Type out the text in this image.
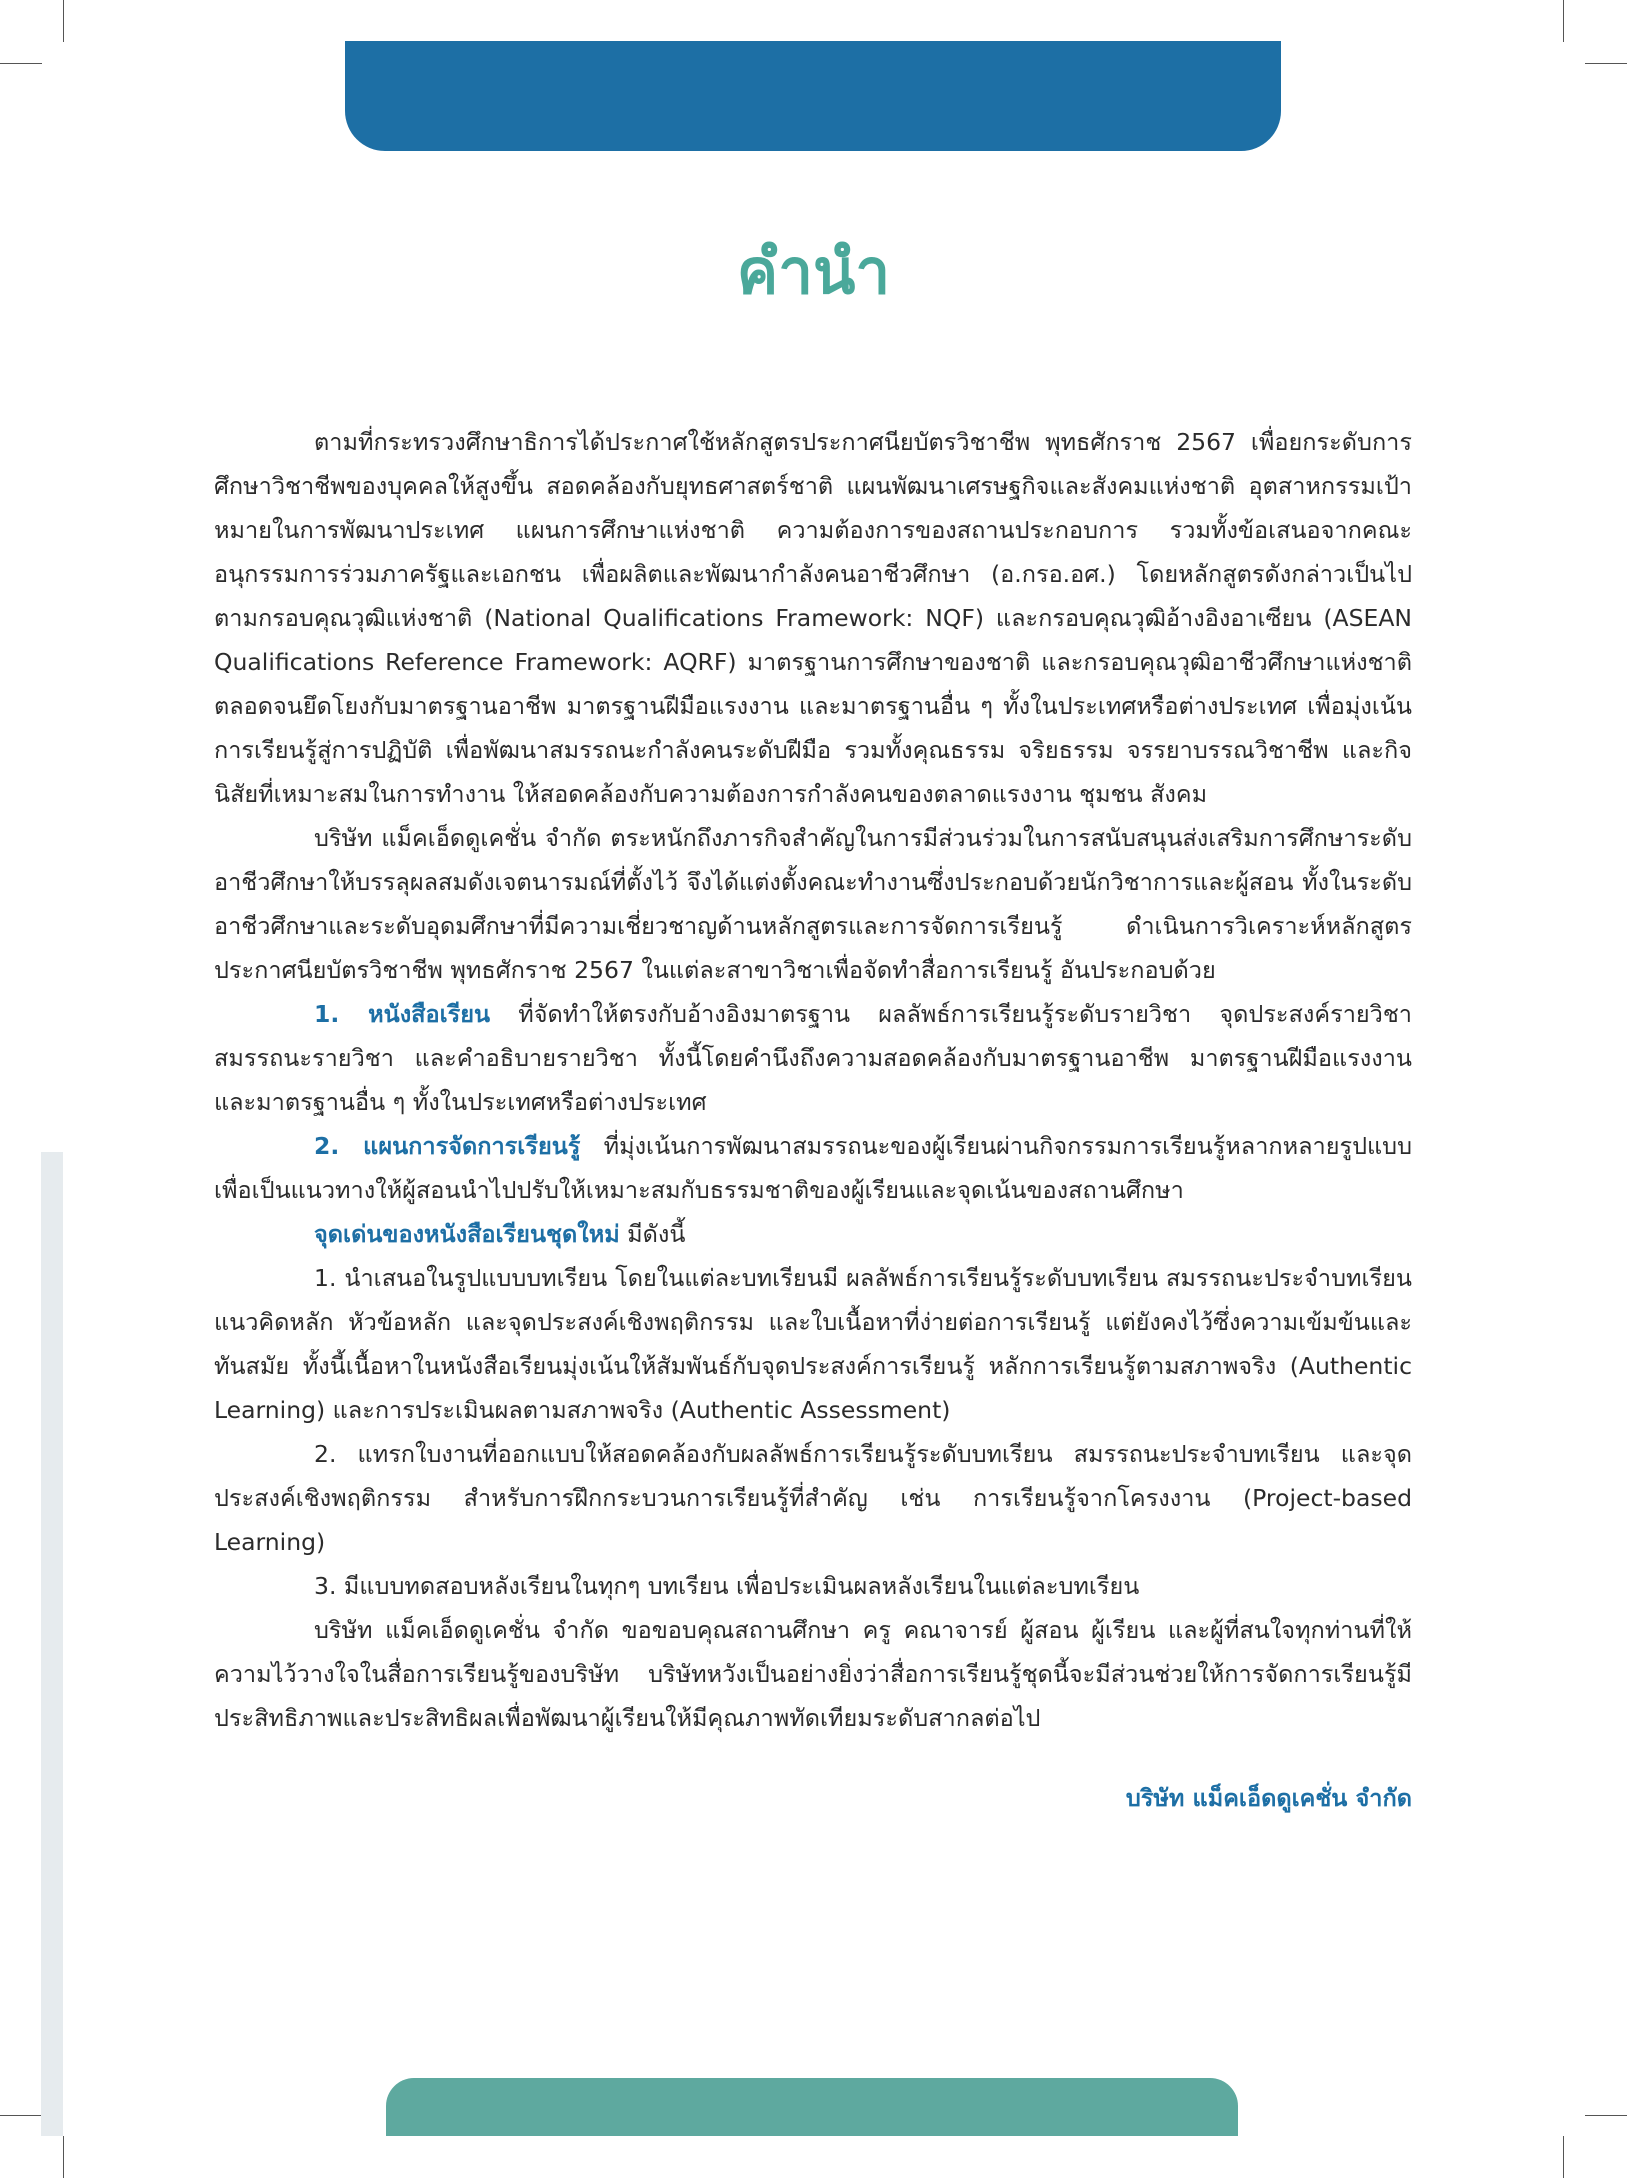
คำนำ

ตามที่กระทรวงศึกษาธิการได้ประกาศใช้หลักสูตรประกาศนียบัตรวิชาชีพ พุทธศักราช 2567 เพื่อยกระดับการศึกษาวิชาชีพของบุคคลให้สูงขึ้น สอดคล้องกับยุทธศาสตร์ชาติ แผนพัฒนาเศรษฐกิจและสังคมแห่งชาติ อุตสาหกรรมเป้าหมายในการพัฒนาประเทศ แผนการศึกษาแห่งชาติ ความต้องการของสถานประกอบการ รวมทั้งข้อเสนอจากคณะอนุกรรมการร่วมภาครัฐและเอกชน เพื่อผลิตและพัฒนากำลังคนอาชีวศึกษา (อ.กรอ.อศ.) โดยหลักสูตรดังกล่าวเป็นไปตามกรอบคุณวุฒิแห่งชาติ (National Qualifications Framework: NQF) และกรอบคุณวุฒิอ้างอิงอาเซียน (ASEAN Qualifications Reference Framework: AQRF) มาตรฐานการศึกษาของชาติ และกรอบคุณวุฒิอาชีวศึกษาแห่งชาติ ตลอดจนยึดโยงกับมาตรฐานอาชีพ มาตรฐานฝีมือแรงงาน และมาตรฐานอื่น ๆ ทั้งในประเทศหรือต่างประเทศ เพื่อมุ่งเน้นการเรียนรู้สู่การปฏิบัติ เพื่อพัฒนาสมรรถนะกำลังคนระดับฝีมือ รวมทั้งคุณธรรม จริยธรรม จรรยาบรรณวิชาชีพ และกิจนิสัยที่เหมาะสมในการทำงาน ให้สอดคล้องกับความต้องการกำลังคนของตลาดแรงงาน ชุมชน สังคม

บริษัท แม็คเอ็ดดูเคชั่น จำกัด ตระหนักถึงภารกิจสำคัญในการมีส่วนร่วมในการสนับสนุนส่งเสริมการศึกษาระดับอาชีวศึกษาให้บรรลุผลสมดังเจตนารมณ์ที่ตั้งไว้ จึงได้แต่งตั้งคณะทำงานซึ่งประกอบด้วยนักวิชาการและผู้สอน ทั้งในระดับอาชีวศึกษาและระดับอุดมศึกษาที่มีความเชี่ยวชาญด้านหลักสูตรและการจัดการเรียนรู้ ดำเนินการวิเคราะห์หลักสูตรประกาศนียบัตรวิชาชีพ พุทธศักราช 2567 ในแต่ละสาขาวิชาเพื่อจัดทำสื่อการเรียนรู้ อันประกอบด้วย

1. หนังสือเรียน ที่จัดทำให้ตรงกับอ้างอิงมาตรฐาน ผลลัพธ์การเรียนรู้ระดับรายวิชา จุดประสงค์รายวิชา สมรรถนะรายวิชา และคำอธิบายรายวิชา ทั้งนี้โดยคำนึงถึงความสอดคล้องกับมาตรฐานอาชีพ มาตรฐานฝีมือแรงงาน และมาตรฐานอื่น ๆ ทั้งในประเทศหรือต่างประเทศ

2. แผนการจัดการเรียนรู้ ที่มุ่งเน้นการพัฒนาสมรรถนะของผู้เรียนผ่านกิจกรรมการเรียนรู้หลากหลายรูปแบบ เพื่อเป็นแนวทางให้ผู้สอนนำไปปรับให้เหมาะสมกับธรรมชาติของผู้เรียนและจุดเน้นของสถานศึกษา

จุดเด่นของหนังสือเรียนชุดใหม่ มีดังนี้

1. นำเสนอในรูปแบบบทเรียน โดยในแต่ละบทเรียนมี ผลลัพธ์การเรียนรู้ระดับบทเรียน สมรรถนะประจำบทเรียน แนวคิดหลัก หัวข้อหลัก และจุดประสงค์เชิงพฤติกรรม และใบเนื้อหาที่ง่ายต่อการเรียนรู้ แต่ยังคงไว้ซึ่งความเข้มข้นและทันสมัย ทั้งนี้เนื้อหาในหนังสือเรียนมุ่งเน้นให้สัมพันธ์กับจุดประสงค์การเรียนรู้ หลักการเรียนรู้ตามสภาพจริง (Authentic Learning) และการประเมินผลตามสภาพจริง (Authentic Assessment)

2. แทรกใบงานที่ออกแบบให้สอดคล้องกับผลลัพธ์การเรียนรู้ระดับบทเรียน สมรรถนะประจำบทเรียน และจุดประสงค์เชิงพฤติกรรม สำหรับการฝึกกระบวนการเรียนรู้ที่สำคัญ เช่น การเรียนรู้จากโครงงาน (Project-based Learning)

3. มีแบบทดสอบหลังเรียนในทุกๆ บทเรียน เพื่อประเมินผลหลังเรียนในแต่ละบทเรียน

บริษัท แม็คเอ็ดดูเคชั่น จำกัด ขอขอบคุณสถานศึกษา ครู คณาจารย์ ผู้สอน ผู้เรียน และผู้ที่สนใจทุกท่านที่ให้ความไว้วางใจในสื่อการเรียนรู้ของบริษัท บริษัทหวังเป็นอย่างยิ่งว่าสื่อการเรียนรู้ชุดนี้จะมีส่วนช่วยให้การจัดการเรียนรู้มีประสิทธิภาพและประสิทธิผลเพื่อพัฒนาผู้เรียนให้มีคุณภาพทัดเทียมระดับสากลต่อไป

บริษัท แม็คเอ็ดดูเคชั่น จำกัด
